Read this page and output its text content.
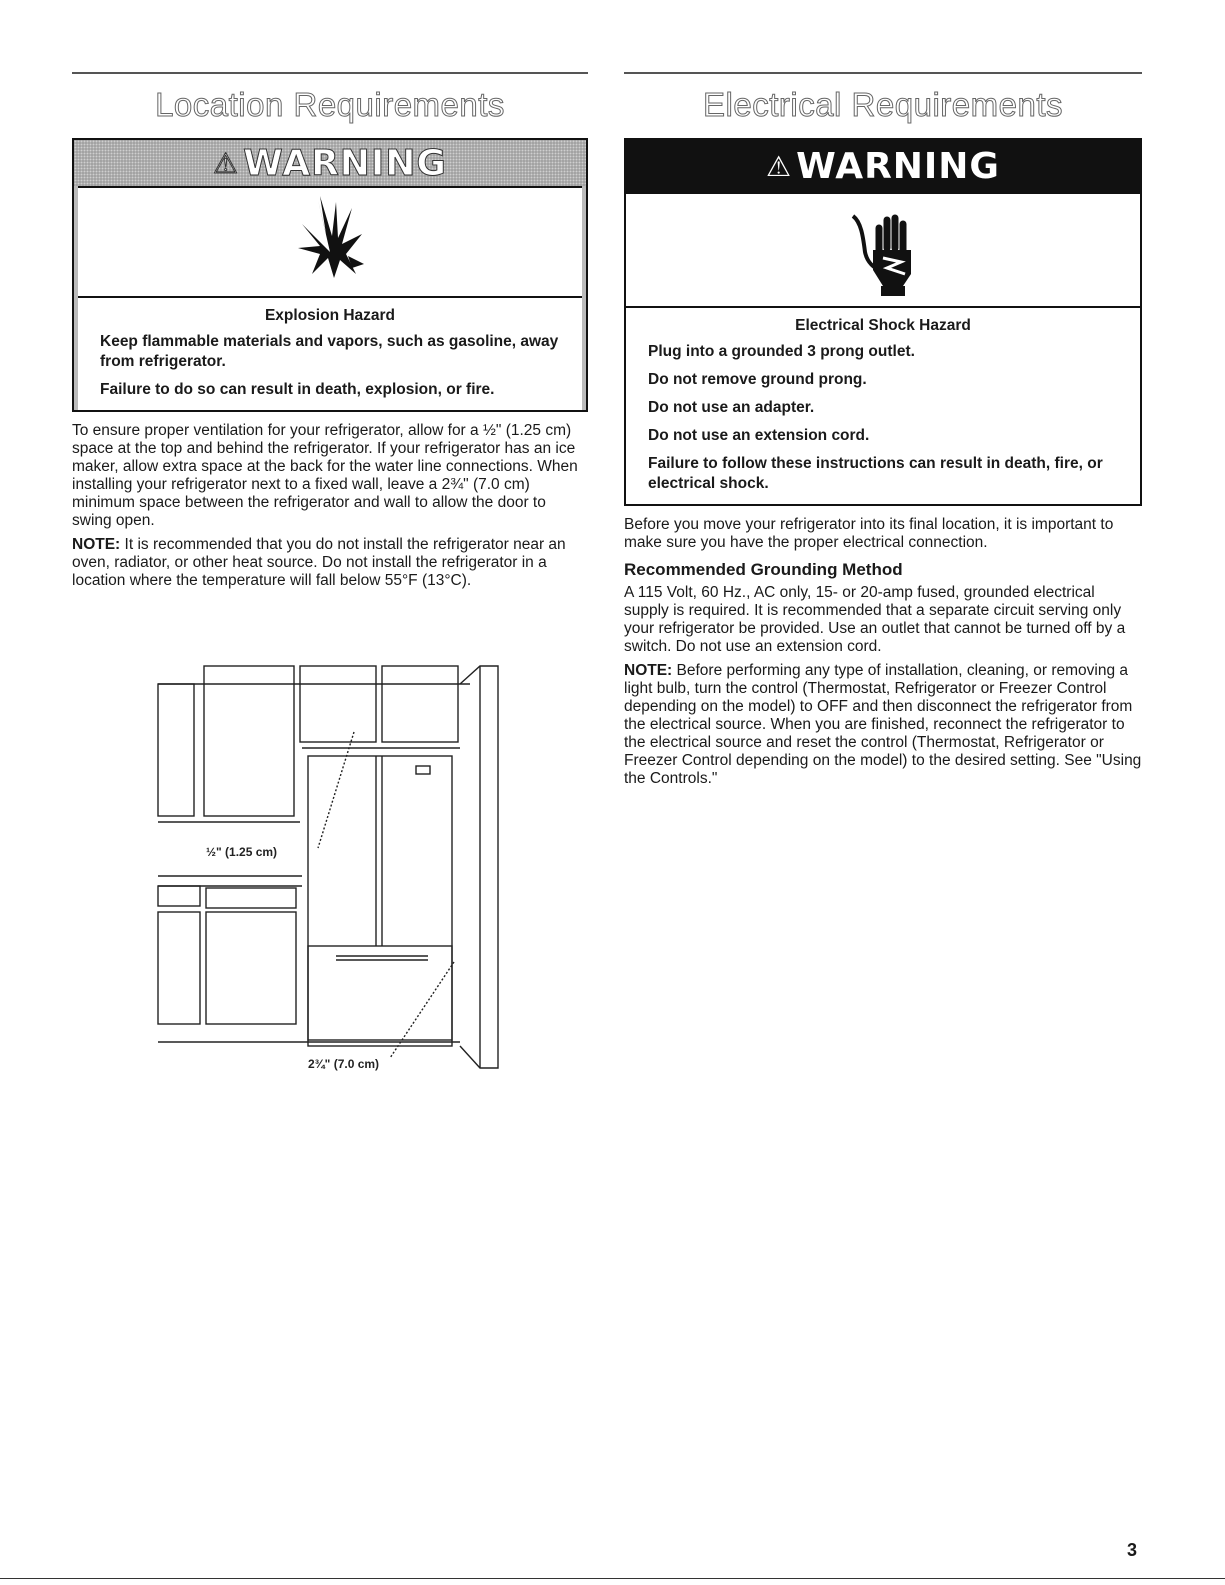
Location Requirements
⚠ WARNING
Explosion Hazard

Keep flammable materials and vapors, such as gasoline, away from refrigerator.

Failure to do so can result in death, explosion, or fire.

To ensure proper ventilation for your refrigerator, allow for a ½" (1.25 cm) space at the top and behind the refrigerator. If your refrigerator has an ice maker, allow extra space at the back for the water line connections. When installing your refrigerator next to a fixed wall, leave a 2¾" (7.0 cm) minimum space between the refrigerator and wall to allow the door to swing open.

NOTE: It is recommended that you do not install the refrigerator near an oven, radiator, or other heat source. Do not install the refrigerator in a location where the temperature will fall below 55°F (13°C).

½" (1.25 cm)
2¾" (7.0 cm)
Electrical Requirements
⚠ WARNING
Electrical Shock Hazard

Plug into a grounded 3 prong outlet.

Do not remove ground prong.

Do not use an adapter.

Do not use an extension cord.

Failure to follow these instructions can result in death, fire, or electrical shock.

Before you move your refrigerator into its final location, it is important to make sure you have the proper electrical connection.

Recommended Grounding Method

A 115 Volt, 60 Hz., AC only, 15- or 20-amp fused, grounded electrical supply is required. It is recommended that a separate circuit serving only your refrigerator be provided. Use an outlet that cannot be turned off by a switch. Do not use an extension cord.

NOTE: Before performing any type of installation, cleaning, or removing a light bulb, turn the control (Thermostat, Refrigerator or Freezer Control depending on the model) to OFF and then disconnect the refrigerator from the electrical source. When you are finished, reconnect the refrigerator to the electrical source and reset the control (Thermostat, Refrigerator or Freezer Control depending on the model) to the desired setting. See "Using the Controls."

3
